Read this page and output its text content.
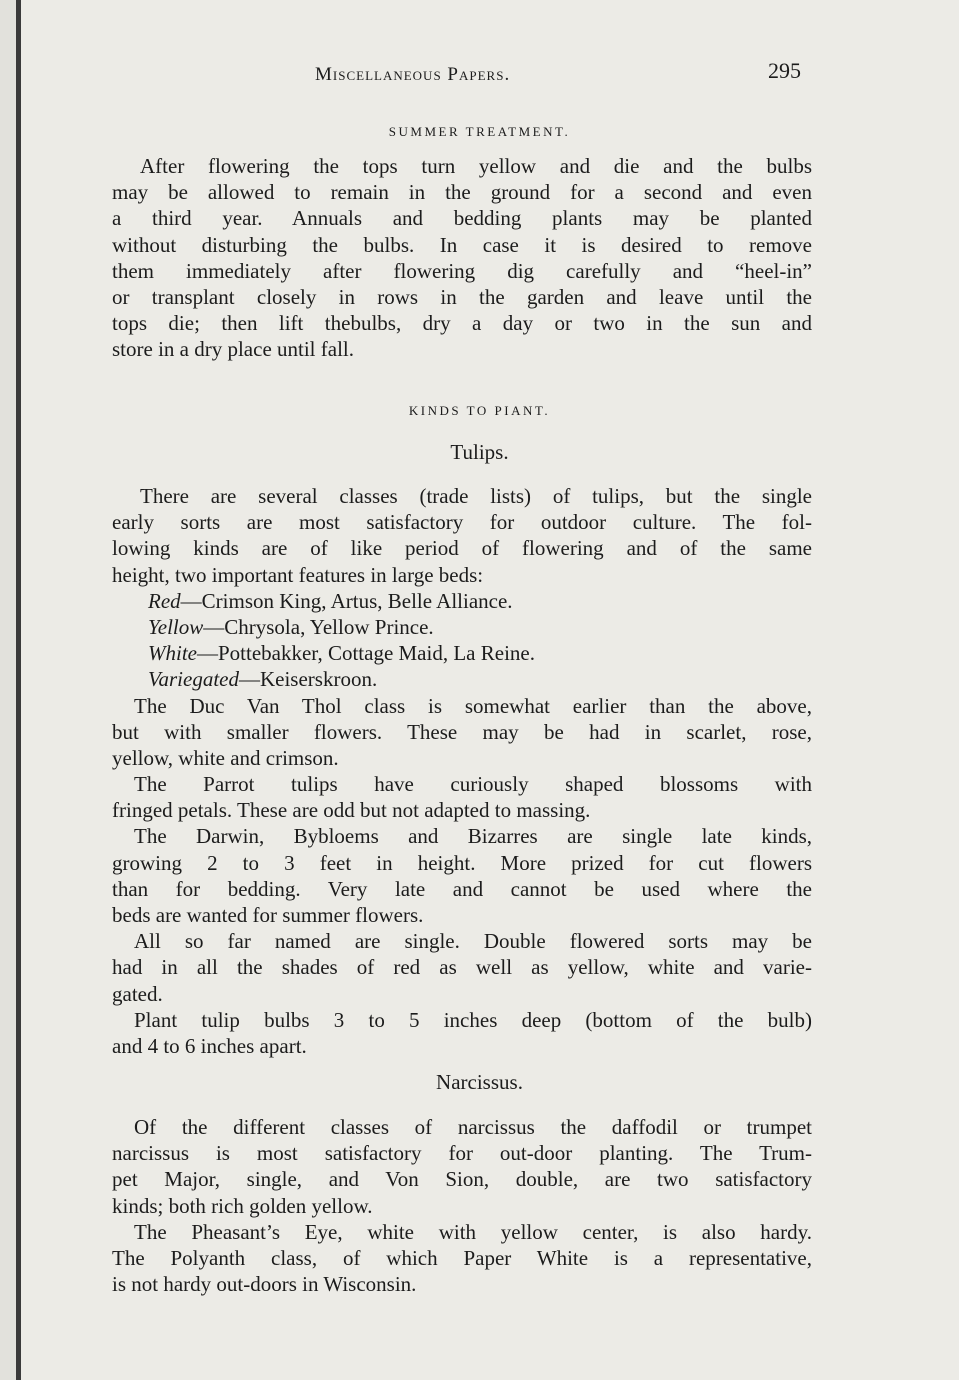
Miscellaneous Papers.	295
SUMMER TREATMENT.
After flowering the tops turn yellow and die and the bulbs
may be allowed to remain in the ground for a second and even
a third year. Annuals and bedding plants may be planted
without disturbing the bulbs. In case it is desired to remove
them immediately after flowering dig carefully and “heel-in”
or transplant closely in rows in the garden and leave until the
tops die; then lift thebulbs, dry a day or two in the sun and
store in a dry place until fall.
KINDS TO PIANT.
Tulips.
There are several classes (trade lists) of tulips, but the single
early sorts are most satisfactory for outdoor culture. The fol-
lowing kinds are of like period of flowering and of the same
height, two important features in large beds:
Red—Crimson King, Artus, Belle Alliance.
Yellow—Chrysola, Yellow Prince.
White—Pottebakker, Cottage Maid, La Reine.
Variegated—Keiserskroon.
The Duc Van Thol class is somewhat earlier than the above,
but with smaller flowers. These may be had in scarlet, rose,
yellow, white and crimson.
The Parrot tulips have curiously shaped blossoms with
fringed petals. These are odd but not adapted to massing.
The Darwin, Bybloems and Bizarres are single late kinds,
growing 2 to 3 feet in height. More prized for cut flowers
than for bedding. Very late and cannot be used where the
beds are wanted for summer flowers.
All so far named are single. Double flowered sorts may be
had in all the shades of red as well as yellow, white and varie-
gated.
Plant tulip bulbs 3 to 5 inches deep (bottom of the bulb)
and 4 to 6 inches apart.
Narcissus.
Of the different classes of narcissus the daffodil or trumpet
narcissus is most satisfactory for out-door planting. The Trum-
pet Major, single, and Von Sion, double, are two satisfactory
kinds; both rich golden yellow.
The Pheasant’s Eye, white with yellow center, is also hardy.
The Polyanth class, of which Paper White is a representative,
is not hardy out-doors in Wisconsin.
